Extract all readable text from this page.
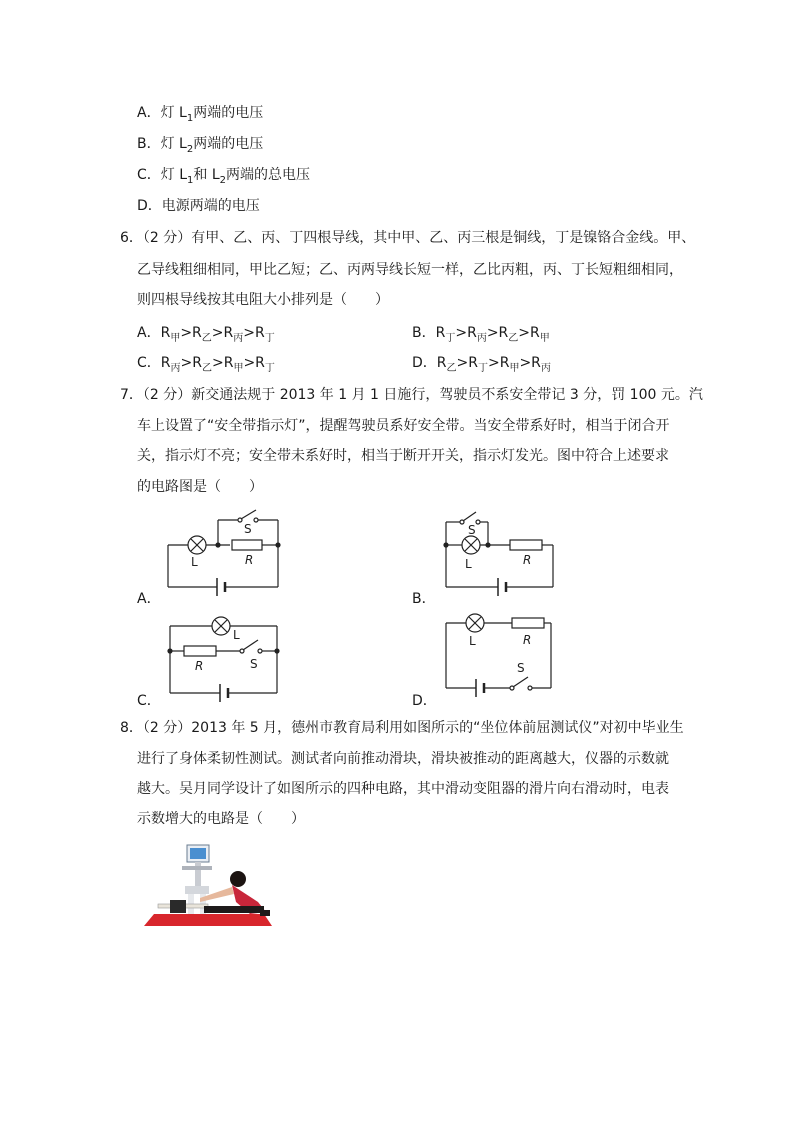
A．灯 $L_1$两端的电压
B．灯 $L_2$两端的电压
C．灯 $L_1$和 $L_2$两端的总电压
D．电源两端的电压
6．（2 分）有甲、乙、丙、丁四根导线，其中甲、乙、丙三根是铜线，丁是镍铬合金线。甲、
乙导线粗细相同，甲比乙短；乙、丙两导线长短一样，乙比丙粗，丙、丁长短粗细相同，
则四根导线按其电阻大小排列是（　　）
A．$R_甲>R_乙>R_丙>R_丁$	B．$R_丁>R_丙>R_乙>R_甲$
C．$R_丙>R_乙>R_甲>R_丁$	D．$R_乙>R_丁>R_甲>R_丙$
7．（2 分）新交通法规于 2013 年 1 月 1 日施行，驾驶员不系安全带记 3 分，罚 100 元。汽
车上设置了“安全带指示灯”，提醒驾驶员系好安全带。当安全带系好时，相当于闭合开
关，指示灯不亮；安全带未系好时，相当于断开开关，指示灯发光。图中符合上述要求
的电路图是（　　）
A．
S
L	R
B．
S
L	R
C．
L
R	S
D．
L	R
S
8．（2 分）2013 年 5 月，德州市教育局利用如图所示的“坐位体前屈测试仪”对初中毕业生
进行了身体柔韧性测试。测试者向前推动滑块，滑块被推动的距离越大，仪器的示数就
越大。吴月同学设计了如图所示的四种电路，其中滑动变阻器的滑片向右滑动时，电表
示数增大的电路是（　　）
